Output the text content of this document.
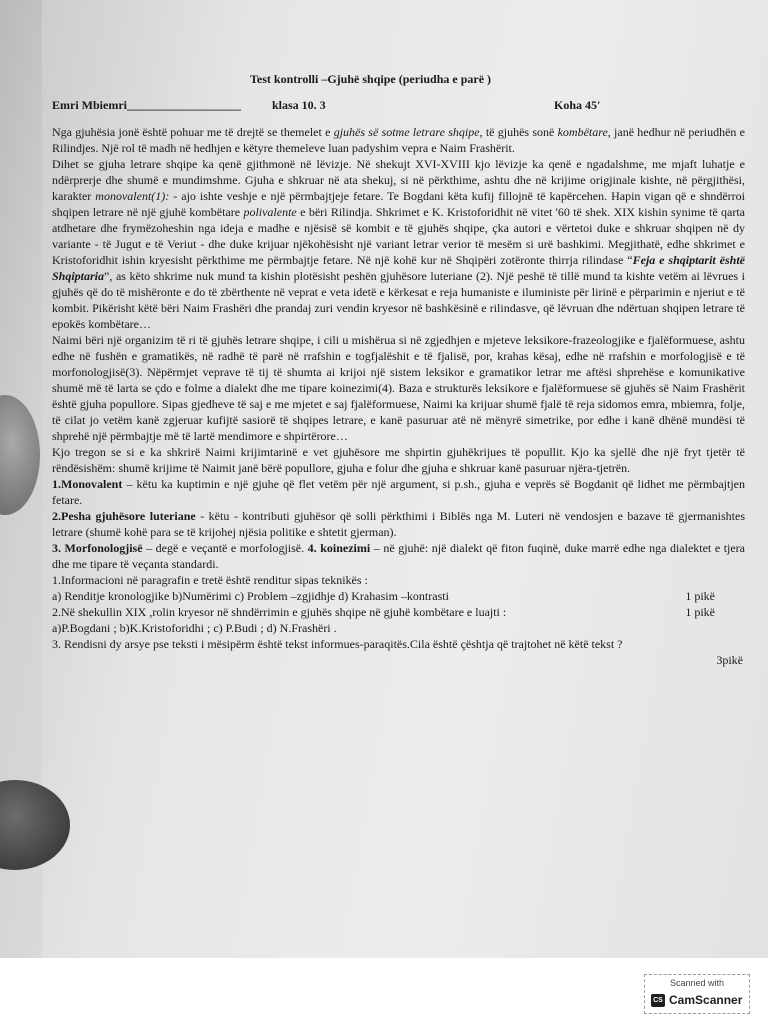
Test kontrolli –Gjuhë shqipe (periudha e parë )
Emri Mbiemri___________________	klasa 10. 3	Koha 45'

Nga gjuhësia jonë është pohuar me të drejtë se themelet e gjuhës së sotme letrare shqipe, të gjuhës sonë kombëtare, janë hedhur në periudhën e Rilindjes. Një rol të madh në hedhjen e këtyre themeleve luan padyshim vepra e Naim Frashërit.

Dihet se gjuha letrare shqipe ka qenë gjithmonë në lëvizje. Në shekujt XVI-XVIII kjo lëvizje ka qenë e ngadalshme, me mjaft luhatje e ndërprerje dhe shumë e mundimshme. Gjuha e shkruar në ata shekuj, si në përkthime, ashtu dhe në krijime origjinale kishte, në përgjithësi, karakter monovalent(1): - ajo ishte veshje e një përmbajtjeje fetare. Te Bogdani këta kufij fillojnë të kapërcehen. Hapin vigan që e shndërroi shqipen letrare në një gjuhë kombëtare polivalente e bëri Rilindja. Shkrimet e K. Kristoforidhit në vitet '60 të shek. XIX kishin synime të qarta atdhetare dhe frymëzoheshin nga ideja e madhe e njësisë së kombit e të gjuhës shqipe, çka autori e vërtetoi duke e shkruar shqipen në dy variante - të Jugut e të Veriut - dhe duke krijuar njëkohësisht një variant letrar verior të mesëm si urë bashkimi. Megjithatë, edhe shkrimet e Kristoforidhit ishin kryesisht përkthime me përmbajtje fetare. Në një kohë kur në Shqipëri zotëronte thirrja rilindase “Feja e shqiptarit është Shqiptaria”, as këto shkrime nuk mund ta kishin plotësisht peshën gjuhësore luteriane (2). Një peshë të tillë mund ta kishte vetëm ai lëvrues i gjuhës që do të mishëronte e do të zbërthente në veprat e veta idetë e kërkesat e reja humaniste e iluministe për lirinë e përparimin e njeriut e të kombit. Pikërisht këtë bëri Naim Frashëri dhe prandaj zuri vendin kryesor në bashkësinë e rilindasve, që lëvruan dhe ndërtuan shqipen letrare të epokës kombëtare…

Naimi bëri një organizim të ri të gjuhës letrare shqipe, i cili u mishërua si në zgjedhjen e mjeteve leksikore-frazeologjike e fjalëformuese, ashtu edhe në fushën e gramatikës, në radhë të parë në rrafshin e togfjalëshit e të fjalisë, por, krahas kësaj, edhe në rrafshin e morfologjisë e të morfonologjisë(3). Nëpërmjet veprave të tij të shumta ai krijoi një sistem leksikor e gramatikor letrar me aftësi shprehëse e komunikative shumë më të larta se çdo e folme a dialekt dhe me tipare koinezimi(4). Baza e strukturës leksikore e fjalëformuese së gjuhës së Naim Frashërit është gjuha popullore. Sipas gjedheve të saj e me mjetet e saj fjalëformuese, Naimi ka krijuar shumë fjalë të reja sidomos emra, mbiemra, folje, të cilat jo vetëm kanë zgjeruar kufijtë sasiorë të shqipes letrare, e kanë pasuruar atë në mënyrë simetrike, por edhe i kanë dhënë mundësi të shprehë një përmbajtje më të lartë mendimore e shpirtërore…

Kjo tregon se si e ka shkrirë Naimi krijimtarinë e vet gjuhësore me shpirtin gjuhëkrijues të popullit. Kjo ka sjellë dhe një fryt tjetër të rëndësishëm: shumë krijime të Naimit janë bërë popullore, gjuha e folur dhe gjuha e shkruar kanë pasuruar njëra-tjetrën.

1.Monovalent – këtu ka kuptimin e një gjuhe që flet vetëm për një argument, si p.sh., gjuha e veprës së Bogdanit që lidhet me përmbajtjen fetare.

2.Pesha gjuhësore luteriane - këtu - kontributi gjuhësor që solli përkthimi i Biblës nga M. Luteri në vendosjen e bazave të gjermanishtes letrare (shumë kohë para se të krijohej njësia politike e shtetit gjerman).

3. Morfonologjisë – degë e veçantë e morfologjisë. 4. koinezimi – në gjuhë: një dialekt që fiton fuqinë, duke marrë edhe nga dialektet e tjera dhe me tipare të veçanta standardi.

1.Informacioni në paragrafin e tretë është renditur sipas teknikës :

a) Renditje kronologjike b)Numërimi c) Problem –zgjidhje d) Krahasim –kontrasti	1 pikë
2.Në shekullin XIX ,rolin kryesor në shndërrimin e gjuhës shqipe në gjuhë kombëtare e luajti :	1 pikë

a)P.Bogdani ; b)K.Kristoforidhi ; c) P.Budi ; d) N.Frashëri .

3. Rendisni dy arsye pse teksti i mësipërm është tekst informues-paraqitës.Cila është çështja që trajtohet në këtë tekst ?

3pikë
Scanned with
CS CamScanner
